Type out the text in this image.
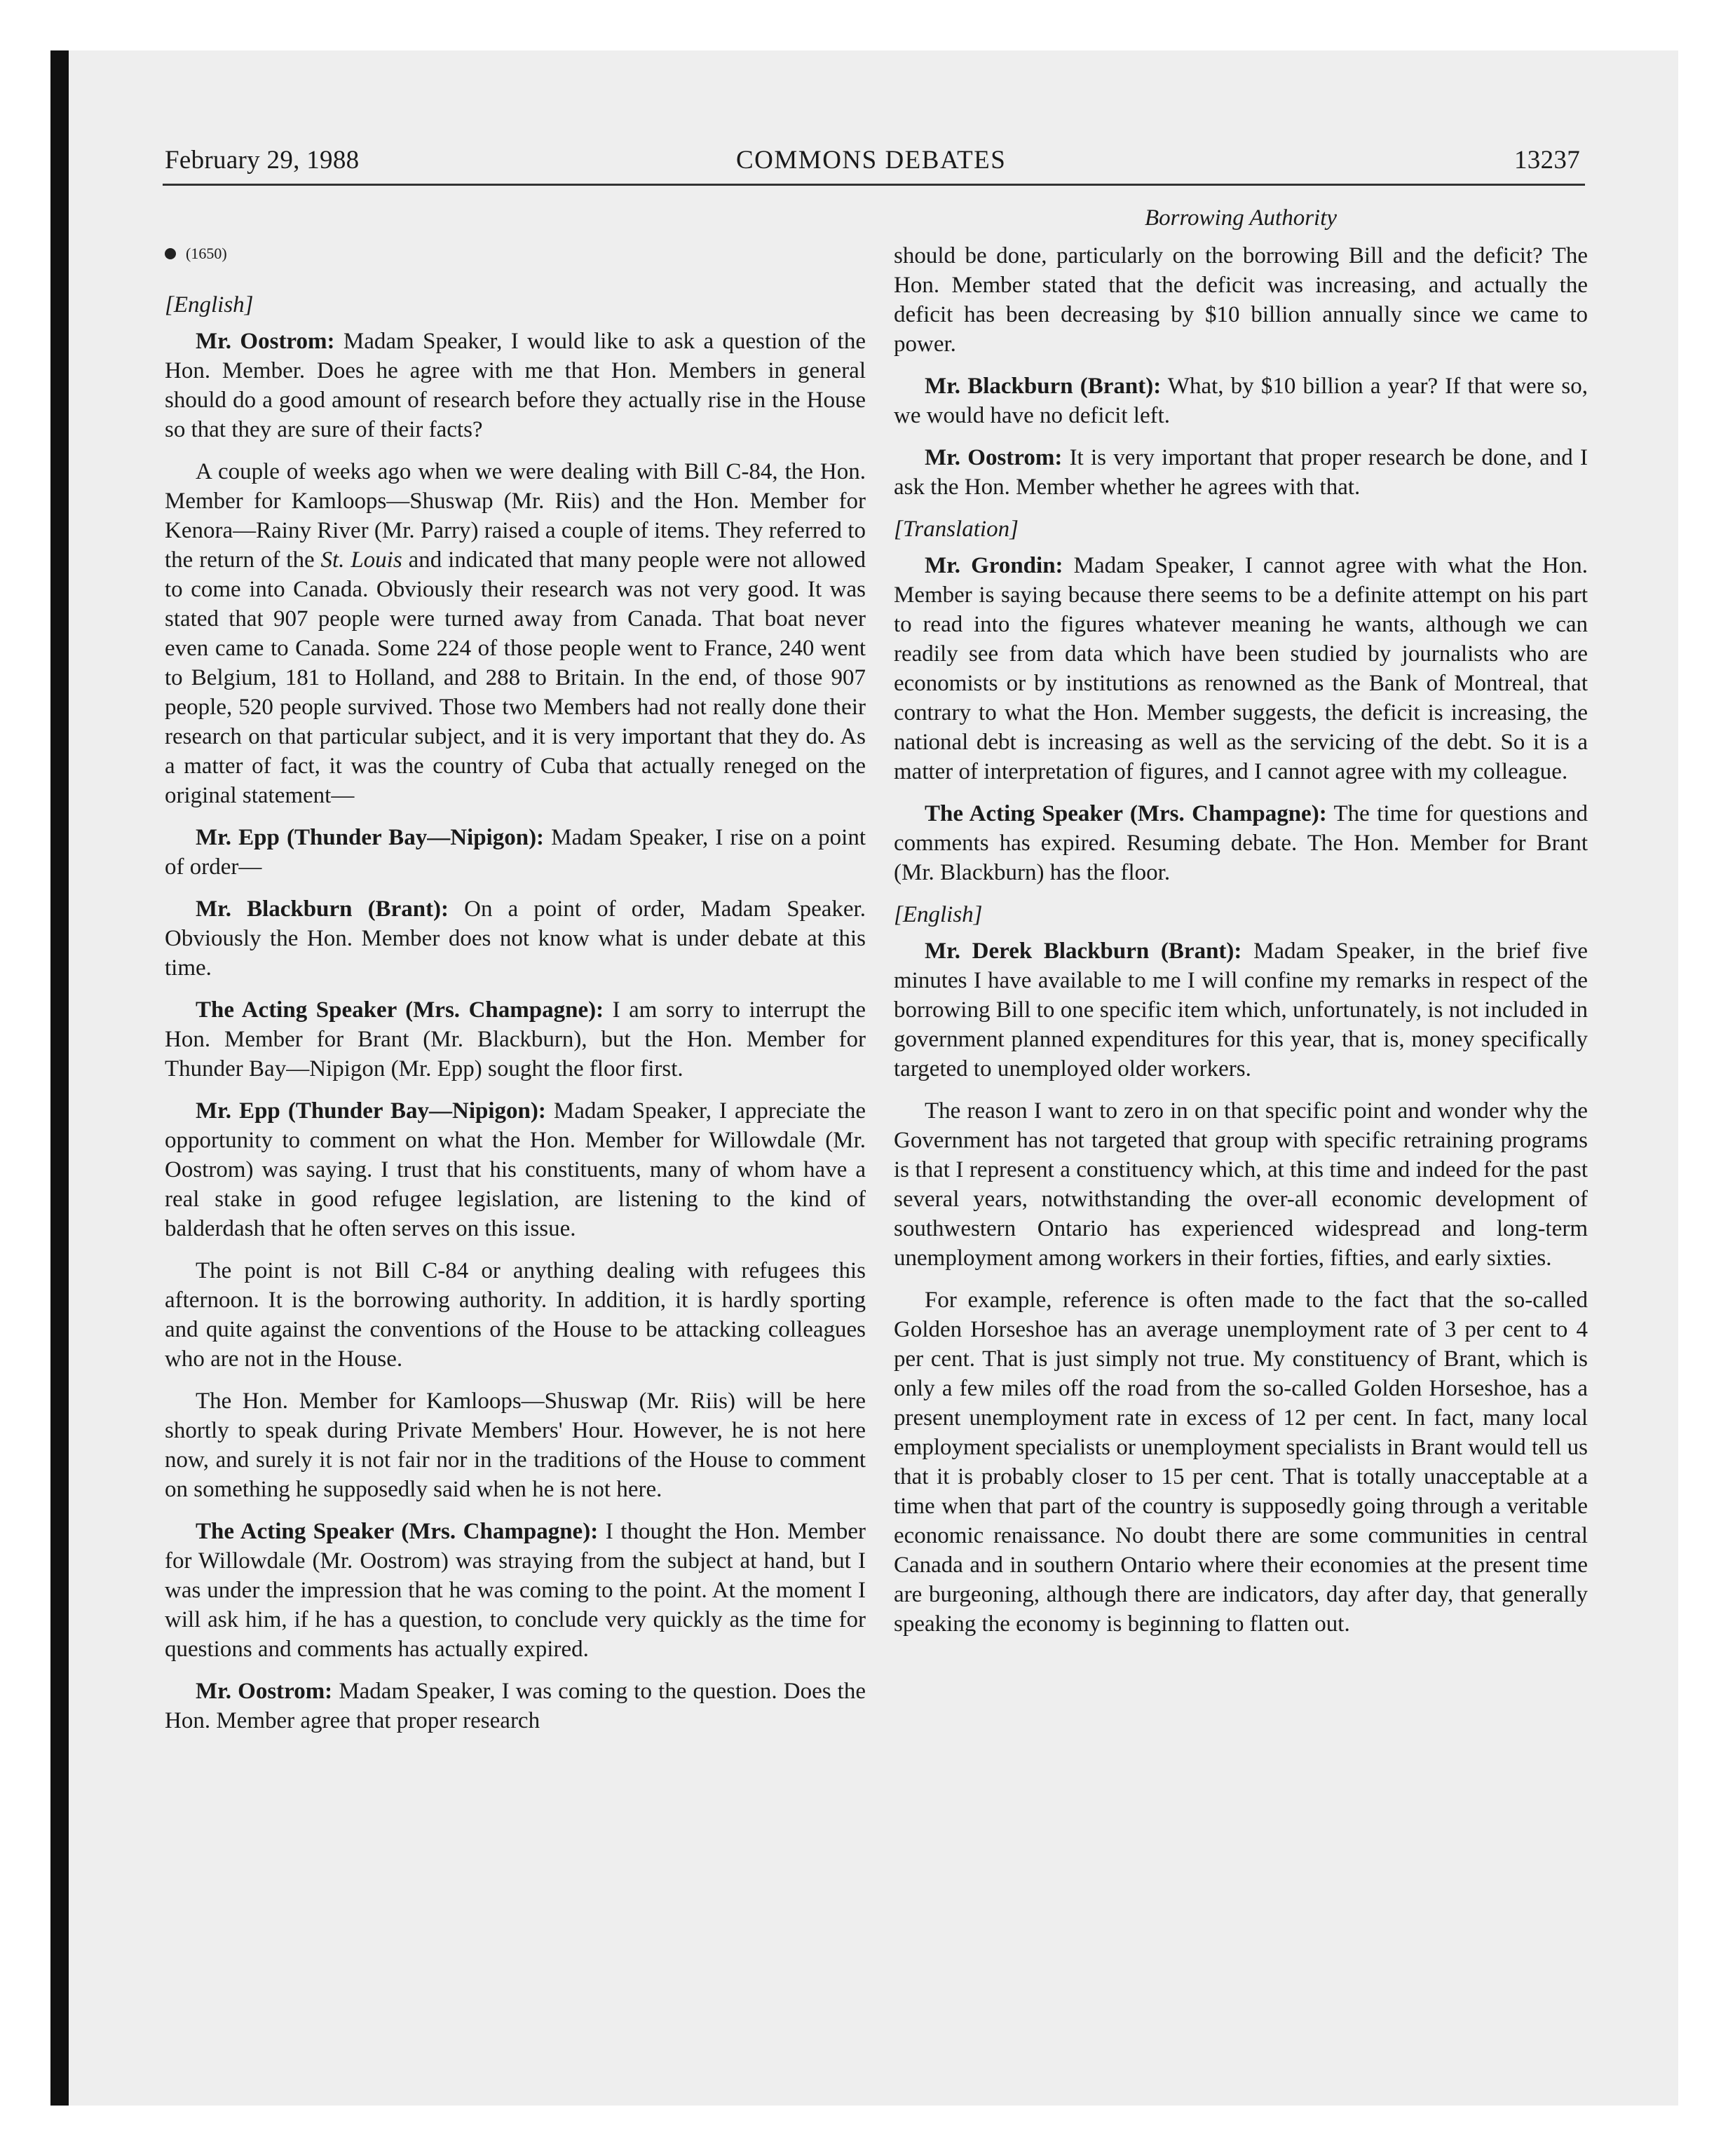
February 29, 1988	COMMONS DEBATES	13237
(1650)
[English]

Mr. Oostrom: Madam Speaker, I would like to ask a question of the Hon. Member. Does he agree with me that Hon. Members in general should do a good amount of research before they actually rise in the House so that they are sure of their facts?

A couple of weeks ago when we were dealing with Bill C-84, the Hon. Member for Kamloops—Shuswap (Mr. Riis) and the Hon. Member for Kenora—Rainy River (Mr. Parry) raised a couple of items. They referred to the return of the St. Louis and indicated that many people were not allowed to come into Canada. Obviously their research was not very good. It was stated that 907 people were turned away from Canada. That boat never even came to Canada. Some 224 of those people went to France, 240 went to Belgium, 181 to Holland, and 288 to Britain. In the end, of those 907 people, 520 people survived. Those two Members had not really done their research on that particular subject, and it is very important that they do. As a matter of fact, it was the country of Cuba that actually reneged on the original statement—

Mr. Epp (Thunder Bay—Nipigon): Madam Speaker, I rise on a point of order—

Mr. Blackburn (Brant): On a point of order, Madam Speaker. Obviously the Hon. Member does not know what is under debate at this time.

The Acting Speaker (Mrs. Champagne): I am sorry to interrupt the Hon. Member for Brant (Mr. Blackburn), but the Hon. Member for Thunder Bay—Nipigon (Mr. Epp) sought the floor first.

Mr. Epp (Thunder Bay—Nipigon): Madam Speaker, I appreciate the opportunity to comment on what the Hon. Member for Willowdale (Mr. Oostrom) was saying. I trust that his constituents, many of whom have a real stake in good refugee legislation, are listening to the kind of balderdash that he often serves on this issue.

The point is not Bill C-84 or anything dealing with refugees this afternoon. It is the borrowing authority. In addition, it is hardly sporting and quite against the conventions of the House to be attacking colleagues who are not in the House.

The Hon. Member for Kamloops—Shuswap (Mr. Riis) will be here shortly to speak during Private Members' Hour. However, he is not here now, and surely it is not fair nor in the traditions of the House to comment on something he supposedly said when he is not here.

The Acting Speaker (Mrs. Champagne): I thought the Hon. Member for Willowdale (Mr. Oostrom) was straying from the subject at hand, but I was under the impression that he was coming to the point. At the moment I will ask him, if he has a question, to conclude very quickly as the time for questions and comments has actually expired.

Mr. Oostrom: Madam Speaker, I was coming to the question. Does the Hon. Member agree that proper research

Borrowing Authority

should be done, particularly on the borrowing Bill and the deficit? The Hon. Member stated that the deficit was increasing, and actually the deficit has been decreasing by $10 billion annually since we came to power.

Mr. Blackburn (Brant): What, by $10 billion a year? If that were so, we would have no deficit left.

Mr. Oostrom: It is very important that proper research be done, and I ask the Hon. Member whether he agrees with that.

[Translation]

Mr. Grondin: Madam Speaker, I cannot agree with what the Hon. Member is saying because there seems to be a definite attempt on his part to read into the figures whatever meaning he wants, although we can readily see from data which have been studied by journalists who are economists or by institutions as renowned as the Bank of Montreal, that contrary to what the Hon. Member suggests, the deficit is increasing, the national debt is increasing as well as the servicing of the debt. So it is a matter of interpretation of figures, and I cannot agree with my colleague.

The Acting Speaker (Mrs. Champagne): The time for questions and comments has expired. Resuming debate. The Hon. Member for Brant (Mr. Blackburn) has the floor.

[English]

Mr. Derek Blackburn (Brant): Madam Speaker, in the brief five minutes I have available to me I will confine my remarks in respect of the borrowing Bill to one specific item which, unfortunately, is not included in government planned expenditures for this year, that is, money specifically targeted to unemployed older workers.

The reason I want to zero in on that specific point and wonder why the Government has not targeted that group with specific retraining programs is that I represent a constituency which, at this time and indeed for the past several years, notwithstanding the over-all economic development of southwestern Ontario has experienced widespread and long-term unemployment among workers in their forties, fifties, and early sixties.

For example, reference is often made to the fact that the so-called Golden Horseshoe has an average unemployment rate of 3 per cent to 4 per cent. That is just simply not true. My constituency of Brant, which is only a few miles off the road from the so-called Golden Horseshoe, has a present unemployment rate in excess of 12 per cent. In fact, many local employment specialists or unemployment specialists in Brant would tell us that it is probably closer to 15 per cent. That is totally unacceptable at a time when that part of the country is supposedly going through a veritable economic renaissance. No doubt there are some communities in central Canada and in southern Ontario where their economies at the present time are burgeoning, although there are indicators, day after day, that generally speaking the economy is beginning to flatten out.
